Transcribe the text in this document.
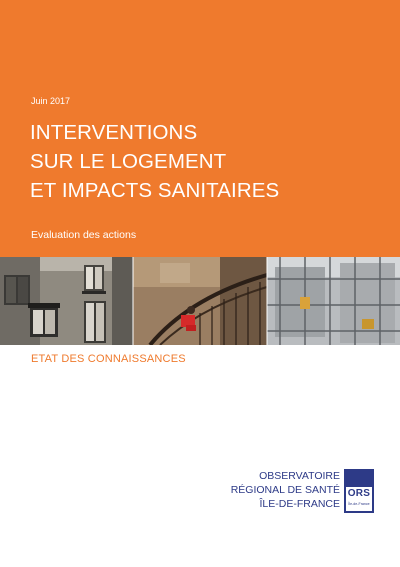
Juin 2017
INTERVENTIONS
SUR LE LOGEMENT
ET IMPACTS SANITAIRES
Evaluation des actions
ETAT DES CONNAISSANCES
OBSERVATOIRE
RÉGIONAL DE SANTÉ
ÎLE-DE-FRANCE
ORS
Île-de-France
